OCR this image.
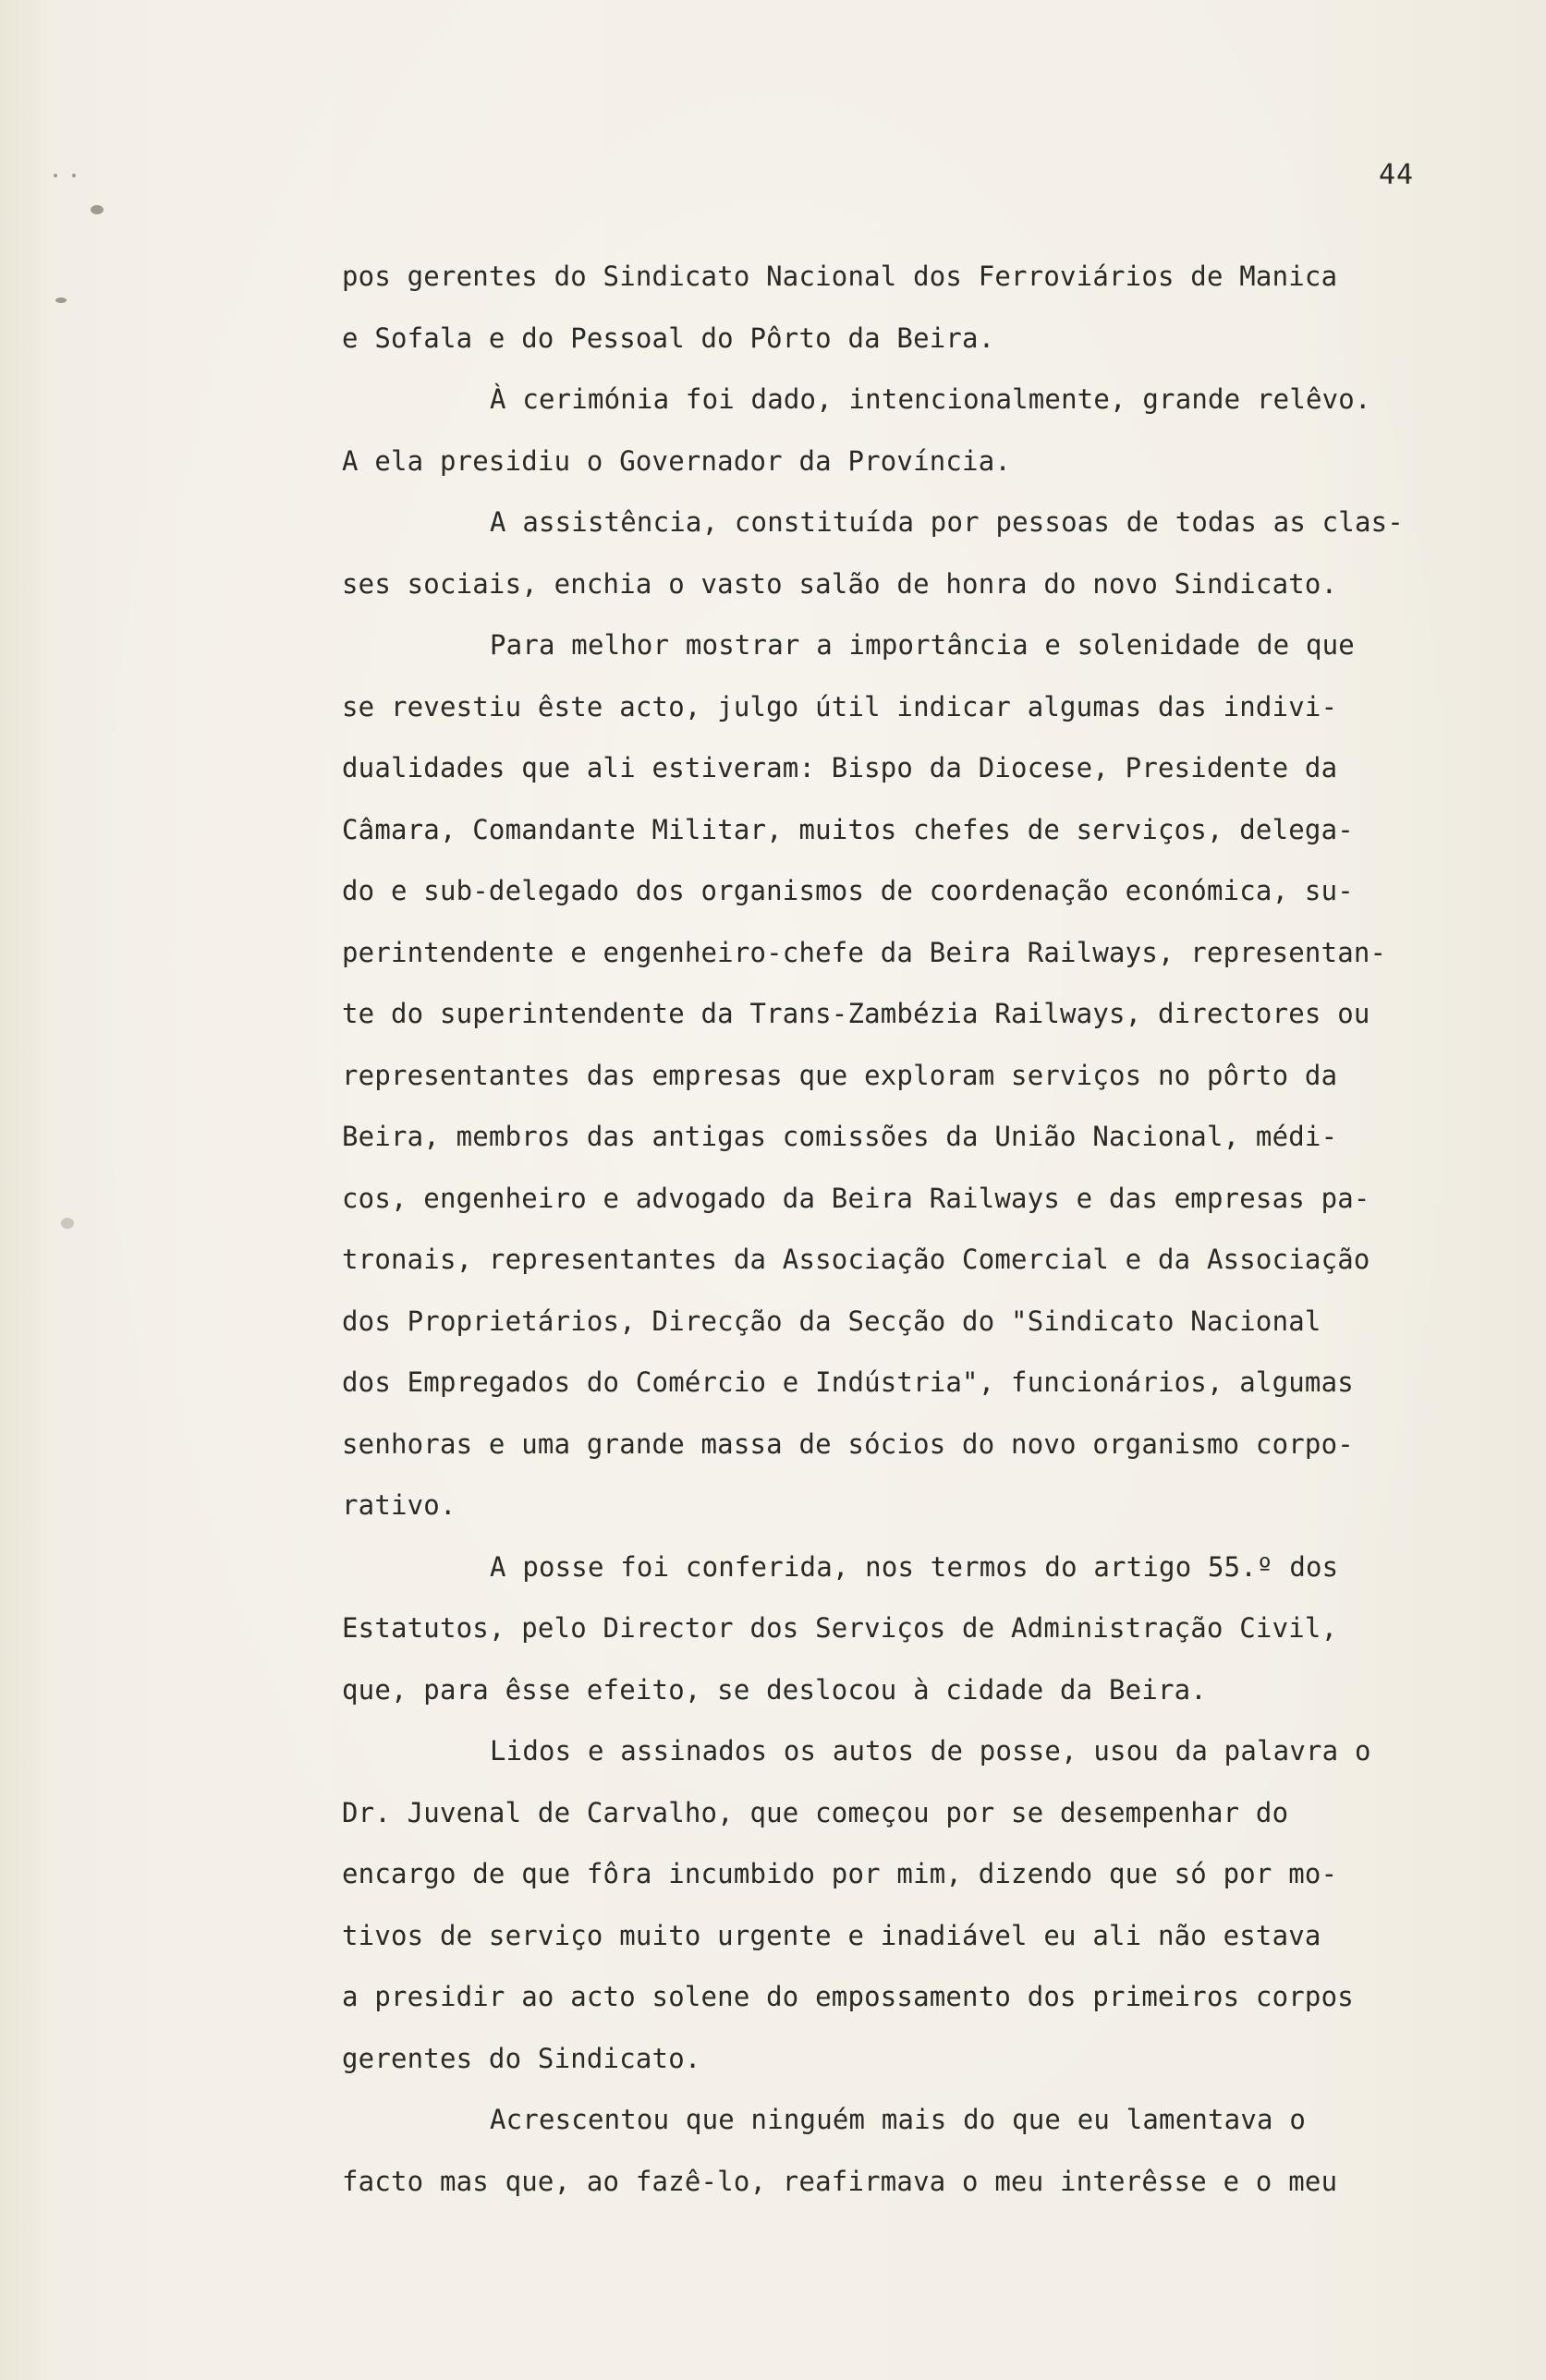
44
pos gerentes do Sindicato Nacional dos Ferroviários de Manica
e Sofala e do Pessoal do Pôrto da Beira.
À cerimónia foi dado, intencionalmente, grande relêvo.
A ela presidiu o Governador da Província.
A assistência, constituída por pessoas de todas as clas-
ses sociais, enchia o vasto salão de honra do novo Sindicato.
Para melhor mostrar a importância e solenidade de que
se revestiu êste acto, julgo útil indicar algumas das indivi-
dualidades que ali estiveram: Bispo da Diocese, Presidente da
Câmara, Comandante Militar, muitos chefes de serviços, delega-
do e sub-delegado dos organismos de coordenação económica, su-
perintendente e engenheiro-chefe da Beira Railways, representan-
te do superintendente da Trans-Zambézia Railways, directores ou
representantes das empresas que exploram serviços no pôrto da
Beira, membros das antigas comissões da União Nacional, médi-
cos, engenheiro e advogado da Beira Railways e das empresas pa-
tronais, representantes da Associação Comercial e da Associação
dos Proprietários, Direcção da Secção do "Sindicato Nacional
dos Empregados do Comércio e Indústria", funcionários, algumas
senhoras e uma grande massa de sócios do novo organismo corpo-
rativo.
A posse foi conferida, nos termos do artigo 55.º dos
Estatutos, pelo Director dos Serviços de Administração Civil,
que, para êsse efeito, se deslocou à cidade da Beira.
Lidos e assinados os autos de posse, usou da palavra o
Dr. Juvenal de Carvalho, que começou por se desempenhar do
encargo de que fôra incumbido por mim, dizendo que só por mo-
tivos de serviço muito urgente e inadiável eu ali não estava
a presidir ao acto solene do empossamento dos primeiros corpos
gerentes do Sindicato.
Acrescentou que ninguém mais do que eu lamentava o
facto mas que, ao fazê-lo, reafirmava o meu interêsse e o meu
